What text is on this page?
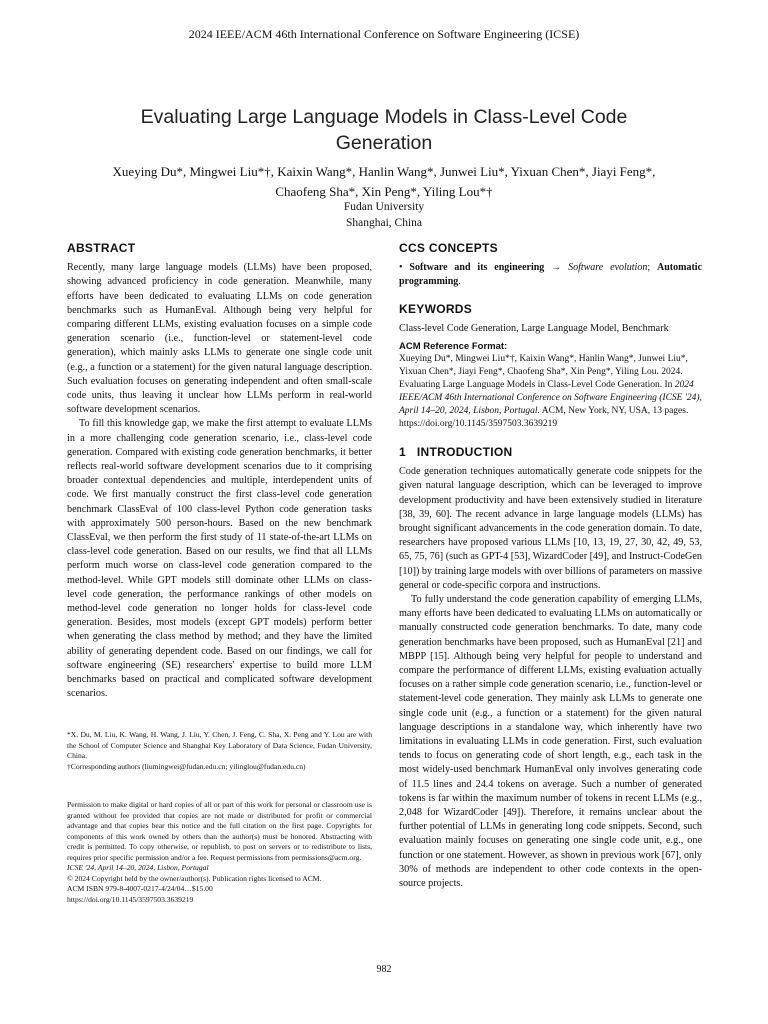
2024 IEEE/ACM 46th International Conference on Software Engineering (ICSE)
Evaluating Large Language Models in Class-Level Code Generation
Xueying Du*, Mingwei Liu*†, Kaixin Wang*, Hanlin Wang*, Junwei Liu*, Yixuan Chen*, Jiayi Feng*,
Chaofeng Sha*, Xin Peng*, Yiling Lou*†
Fudan University
Shanghai, China
ABSTRACT

Recently, many large language models (LLMs) have been proposed, showing advanced proficiency in code generation. Meanwhile, many efforts have been dedicated to evaluating LLMs on code generation benchmarks such as HumanEval. Although being very helpful for comparing different LLMs, existing evaluation focuses on a simple code generation scenario (i.e., function-level or statement-level code generation), which mainly asks LLMs to generate one single code unit (e.g., a function or a statement) for the given natural language description. Such evaluation focuses on generating independent and often small-scale code units, thus leaving it unclear how LLMs perform in real-world software development scenarios.

To fill this knowledge gap, we make the first attempt to evaluate LLMs in a more challenging code generation scenario, i.e., class-level code generation. Compared with existing code generation benchmarks, it better reflects real-world software development scenarios due to it comprising broader contextual dependencies and multiple, interdependent units of code. We first manually construct the first class-level code generation benchmark ClassEval of 100 class-level Python code generation tasks with approximately 500 person-hours. Based on the new benchmark ClassEval, we then perform the first study of 11 state-of-the-art LLMs on class-level code generation. Based on our results, we find that all LLMs perform much worse on class-level code generation compared to the method-level. While GPT models still dominate other LLMs on class-level code generation, the performance rankings of other models on method-level code generation no longer holds for class-level code generation. Besides, most models (except GPT models) perform better when generating the class method by method; and they have the limited ability of generating dependent code. Based on our findings, we call for software engineering (SE) researchers' expertise to build more LLM benchmarks based on practical and complicated software development scenarios.

*X. Du, M. Liu, K. Wang, H. Wang, J. Liu, Y. Chen, J. Feng, C. Sha, X. Peng and Y. Lou are with the School of Computer Science and Shanghai Key Laboratory of Data Science, Fudan University, China.

†Corresponding authors (liumingwei@fudan.edu.cn; yilinglou@fudan.edu.cn)

Permission to make digital or hard copies of all or part of this work for personal or classroom use is granted without fee provided that copies are not made or distributed for profit or commercial advantage and that copies bear this notice and the full citation on the first page. Copyrights for components of this work owned by others than the author(s) must be honored. Abstracting with credit is permitted. To copy otherwise, or republish, to post on servers or to redistribute to lists, requires prior specific permission and/or a fee. Request permissions from permissions@acm.org.

ICSE '24, April 14–20, 2024, Lisbon, Portugal

© 2024 Copyright held by the owner/author(s). Publication rights licensed to ACM.

ACM ISBN 979-8-4007-0217-4/24/04…$15.00

https://doi.org/10.1145/3597503.3639219

CCS CONCEPTS

• Software and its engineering → Software evolution; Automatic programming.

KEYWORDS

Class-level Code Generation, Large Language Model, Benchmark

ACM Reference Format:
Xueying Du*, Mingwei Liu*†, Kaixin Wang*, Hanlin Wang*, Junwei Liu*, Yixuan Chen*, Jiayi Feng*, Chaofeng Sha*, Xin Peng*, Yiling Lou. 2024. Evaluating Large Language Models in Class-Level Code Generation. In 2024 IEEE/ACM 46th International Conference on Software Engineering (ICSE '24), April 14–20, 2024, Lisbon, Portugal. ACM, New York, NY, USA, 13 pages. https://doi.org/10.1145/3597503.3639219
1   INTRODUCTION

Code generation techniques automatically generate code snippets for the given natural language description, which can be leveraged to improve development productivity and have been extensively studied in literature [38, 39, 60]. The recent advance in large language models (LLMs) has brought significant advancements in the code generation domain. To date, researchers have proposed various LLMs [10, 13, 19, 27, 30, 42, 49, 53, 65, 75, 76] (such as GPT-4 [53], WizardCoder [49], and Instruct-CodeGen [10]) by training large models with over billions of parameters on massive general or code-specific corpora and instructions.

To fully understand the code generation capability of emerging LLMs, many efforts have been dedicated to evaluating LLMs on automatically or manually constructed code generation benchmarks. To date, many code generation benchmarks have been proposed, such as HumanEval [21] and MBPP [15]. Although being very helpful for people to understand and compare the performance of different LLMs, existing evaluation actually focuses on a rather simple code generation scenario, i.e., function-level or statement-level code generation. They mainly ask LLMs to generate one single code unit (e.g., a function or a statement) for the given natural language descriptions in a standalone way, which inherently have two limitations in evaluating LLMs in code generation. First, such evaluation tends to focus on generating code of short length, e.g., each task in the most widely-used benchmark HumanEval only involves generating code of 11.5 lines and 24.4 tokens on average. Such a number of generated tokens is far within the maximum number of tokens in recent LLMs (e.g., 2,048 for WizardCoder [49]). Therefore, it remains unclear about the further potential of LLMs in generating long code snippets. Second, such evaluation mainly focuses on generating one single code unit, e.g., one function or one statement. However, as shown in previous work [67], only 30% of methods are independent to other code contexts in the open-source projects.

982
